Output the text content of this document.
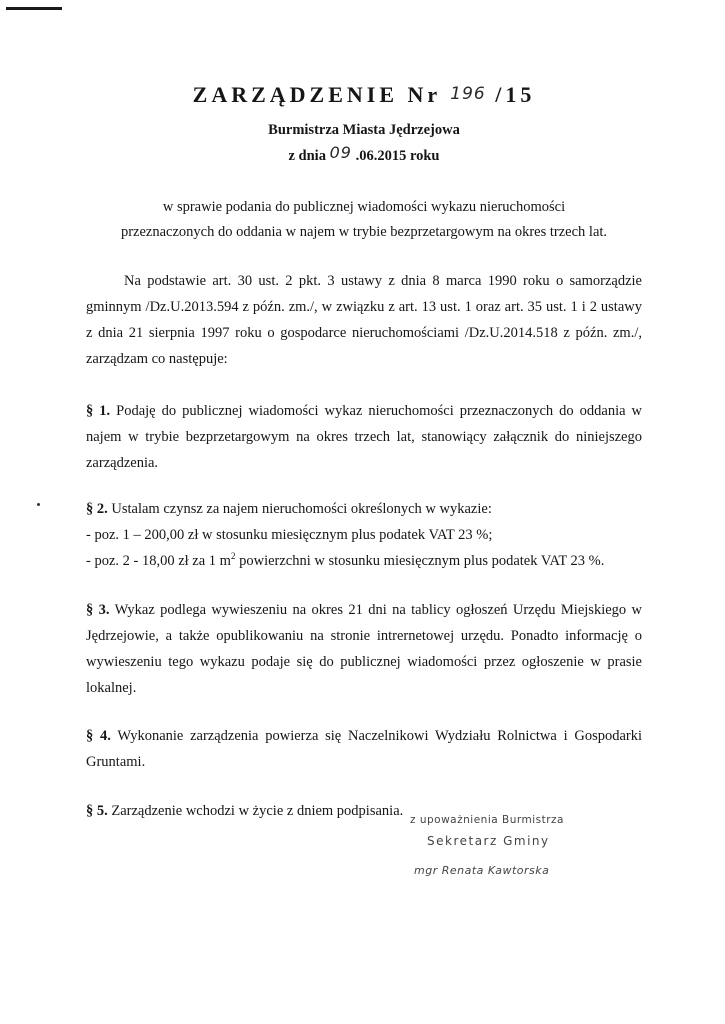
ZARZĄDZENIE Nr 196 /15
Burmistrza Miasta Jędrzejowa
z dnia 09 .06.2015 roku
w sprawie podania do publicznej wiadomości wykazu nieruchomości
przeznaczonych do oddania w najem w trybie bezprzetargowym na okres trzech lat.
Na podstawie art. 30 ust. 2 pkt. 3 ustawy z dnia 8 marca 1990 roku o samorządzie gminnym /Dz.U.2013.594 z późn. zm./, w związku z art. 13 ust. 1 oraz art. 35 ust. 1 i 2 ustawy z dnia 21 sierpnia 1997 roku o gospodarce nieruchomościami /Dz.U.2014.518 z późn. zm./, zarządzam co następuje:
§ 1. Podaję do publicznej wiadomości wykaz nieruchomości przeznaczonych do oddania w najem w trybie bezprzetargowym na okres trzech lat, stanowiący załącznik do niniejszego zarządzenia.
§ 2. Ustalam czynsz za najem nieruchomości określonych w wykazie:
- poz. 1 – 200,00 zł w stosunku miesięcznym plus podatek VAT 23 %;
- poz. 2 - 18,00 zł za 1 $m^2$ powierzchni w stosunku miesięcznym plus podatek VAT 23 %.
§ 3. Wykaz podlega wywieszeniu na okres 21 dni na tablicy ogłoszeń Urzędu Miejskiego w Jędrzejowie, a także opublikowaniu na stronie intrernetowej urzędu. Ponadto informację o wywieszeniu tego wykazu podaje się do publicznej wiadomości przez ogłoszenie w prasie lokalnej.
§ 4. Wykonanie zarządzenia powierza się Naczelnikowi Wydziału Rolnictwa i Gospodarki Gruntami.
§ 5. Zarządzenie wchodzi w życie z dniem podpisania.
z upoważnienia Burmistrza
Sekretarz Gminy
mgr Renata Kawtorska
